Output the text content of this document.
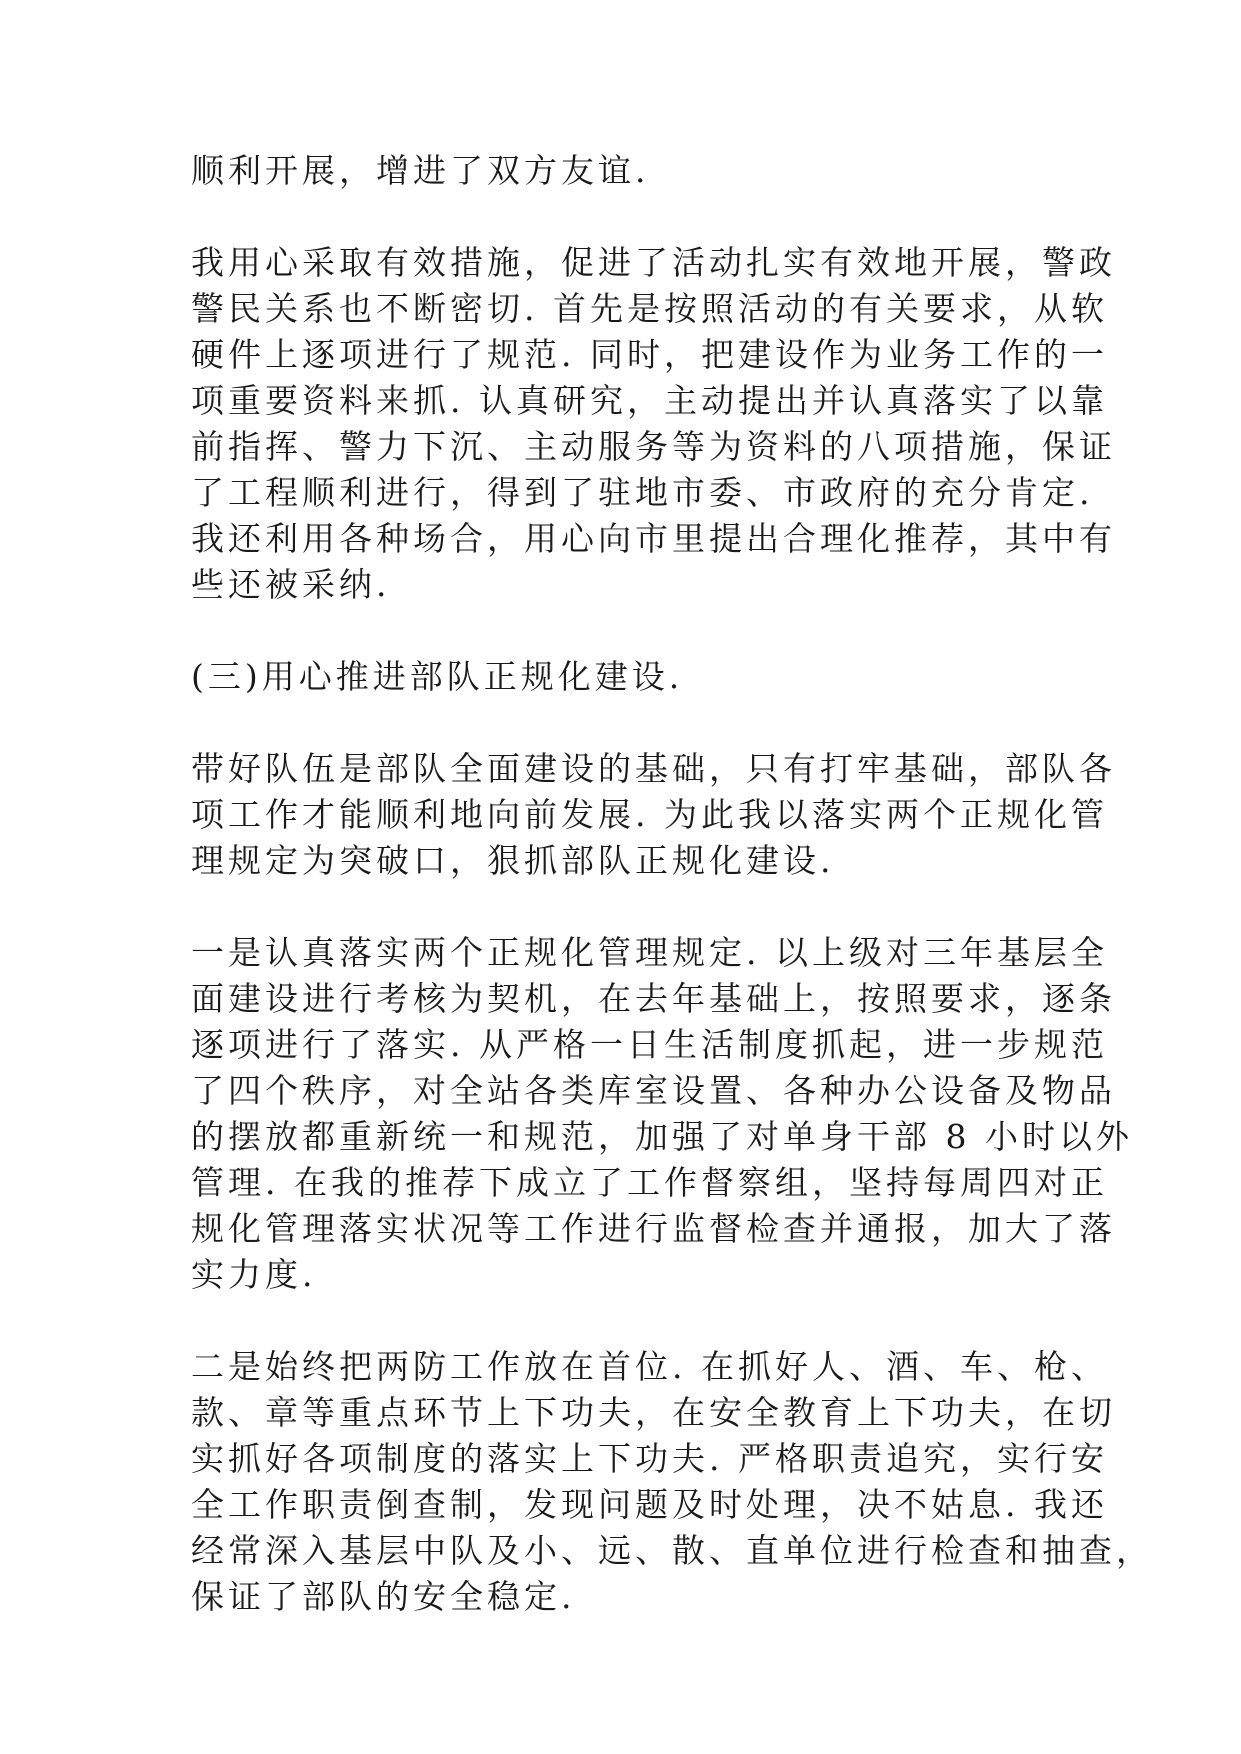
顺利开展，增进了双方友谊.
我用心采取有效措施，促进了活动扎实有效地开展，警政
警民关系也不断密切. 首先是按照活动的有关要求，从软
硬件上逐项进行了规范. 同时，把建设作为业务工作的一
项重要资料来抓. 认真研究，主动提出并认真落实了以靠
前指挥、警力下沉、主动服务等为资料的八项措施，保证
了工程顺利进行，得到了驻地市委、市政府的充分肯定.
我还利用各种场合，用心向市里提出合理化推荐，其中有
些还被采纳.
(三)用心推进部队正规化建设.
带好队伍是部队全面建设的基础，只有打牢基础，部队各
项工作才能顺利地向前发展. 为此我以落实两个正规化管
理规定为突破口，狠抓部队正规化建设.
一是认真落实两个正规化管理规定. 以上级对三年基层全
面建设进行考核为契机，在去年基础上，按照要求，逐条
逐项进行了落实. 从严格一日生活制度抓起，进一步规范
了四个秩序，对全站各类库室设置、各种办公设备及物品
的摆放都重新统一和规范，加强了对单身干部 8 小时以外
管理. 在我的推荐下成立了工作督察组，坚持每周四对正
规化管理落实状况等工作进行监督检查并通报，加大了落
实力度.
二是始终把两防工作放在首位. 在抓好人、酒、车、枪、
款、章等重点环节上下功夫，在安全教育上下功夫，在切
实抓好各项制度的落实上下功夫. 严格职责追究，实行安
全工作职责倒查制，发现问题及时处理，决不姑息. 我还
经常深入基层中队及小、远、散、直单位进行检查和抽查，
保证了部队的安全稳定.
